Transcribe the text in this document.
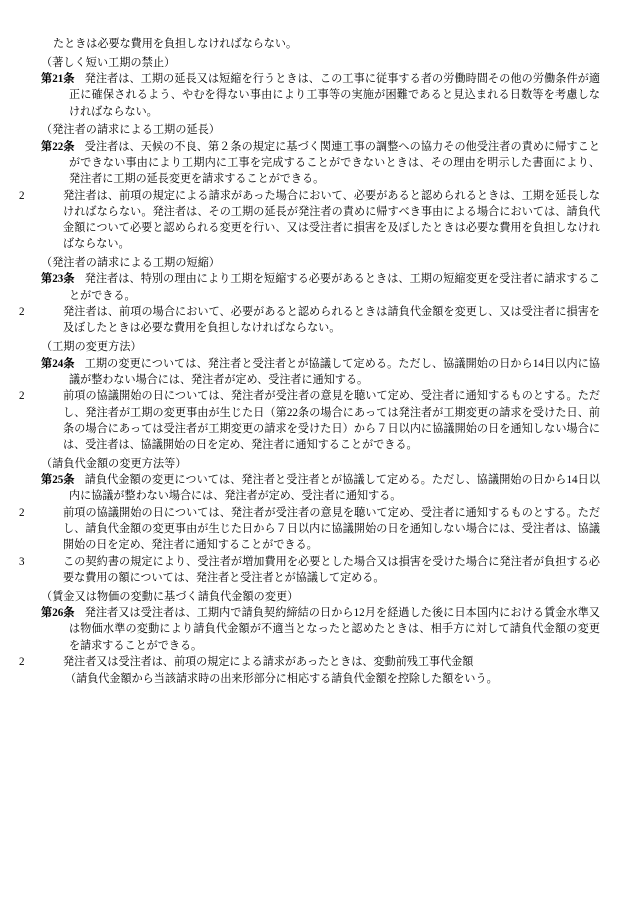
たときは必要な費用を負担しなければならない。
（著しく短い工期の禁止）
第21条 発注者は、工期の延長又は短縮を行うときは、この工事に従事する者の労働時間その他の労働条件が適正に確保されるよう、やむを得ない事由により工事等の実施が困難であると見込まれる日数等を考慮しなければならない。
（発注者の請求による工期の延長）
第22条 受注者は、天候の不良、第２条の規定に基づく関連工事の調整への協力その他受注者の責めに帰すことができない事由により工期内に工事を完成することができないときは、その理由を明示した書面により、発注者に工期の延長変更を請求することができる。
2	発注者は、前項の規定による請求があった場合において、必要があると認められるときは、工期を延長しなければならない。発注者は、その工期の延長が発注者の責めに帰すべき事由による場合においては、請負代金額について必要と認められる変更を行い、又は受注者に損害を及ぼしたときは必要な費用を負担しなければならない。
（発注者の請求による工期の短縮）
第23条 発注者は、特別の理由により工期を短縮する必要があるときは、工期の短縮変更を受注者に請求することができる。
2	発注者は、前項の場合において、必要があると認められるときは請負代金額を変更し、又は受注者に損害を及ぼしたときは必要な費用を負担しなければならない。
（工期の変更方法）
第24条 工期の変更については、発注者と受注者とが協議して定める。ただし、協議開始の日から14日以内に協議が整わない場合には、発注者が定め、受注者に通知する。
2	前項の協議開始の日については、発注者が受注者の意見を聴いて定め、受注者に通知するものとする。ただし、発注者が工期の変更事由が生じた日（第22条の場合にあっては発注者が工期変更の請求を受けた日、前条の場合にあっては受注者が工期変更の請求を受けた日）から７日以内に協議開始の日を通知しない場合には、受注者は、協議開始の日を定め、発注者に通知することができる。
（請負代金額の変更方法等）
第25条 請負代金額の変更については、発注者と受注者とが協議して定める。ただし、協議開始の日から14日以内に協議が整わない場合には、発注者が定め、受注者に通知する。
2	前項の協議開始の日については、発注者が受注者の意見を聴いて定め、受注者に通知するものとする。ただし、請負代金額の変更事由が生じた日から７日以内に協議開始の日を通知しない場合には、受注者は、協議開始の日を定め、発注者に通知することができる。
3	この契約書の規定により、受注者が増加費用を必要とした場合又は損害を受けた場合に発注者が負担する必要な費用の額については、発注者と受注者とが協議して定める。
（賃金又は物価の変動に基づく請負代金額の変更）
第26条 発注者又は受注者は、工期内で請負契約締結の日から12月を経過した後に日本国内における賃金水準又は物価水準の変動により請負代金額が不適当となったと認めたときは、相手方に対して請負代金額の変更を請求することができる。
2	発注者又は受注者は、前項の規定による請求があったときは、変動前残工事代金額
（請負代金額から当該請求時の出来形部分に相応する請負代金額を控除した額をいう。
